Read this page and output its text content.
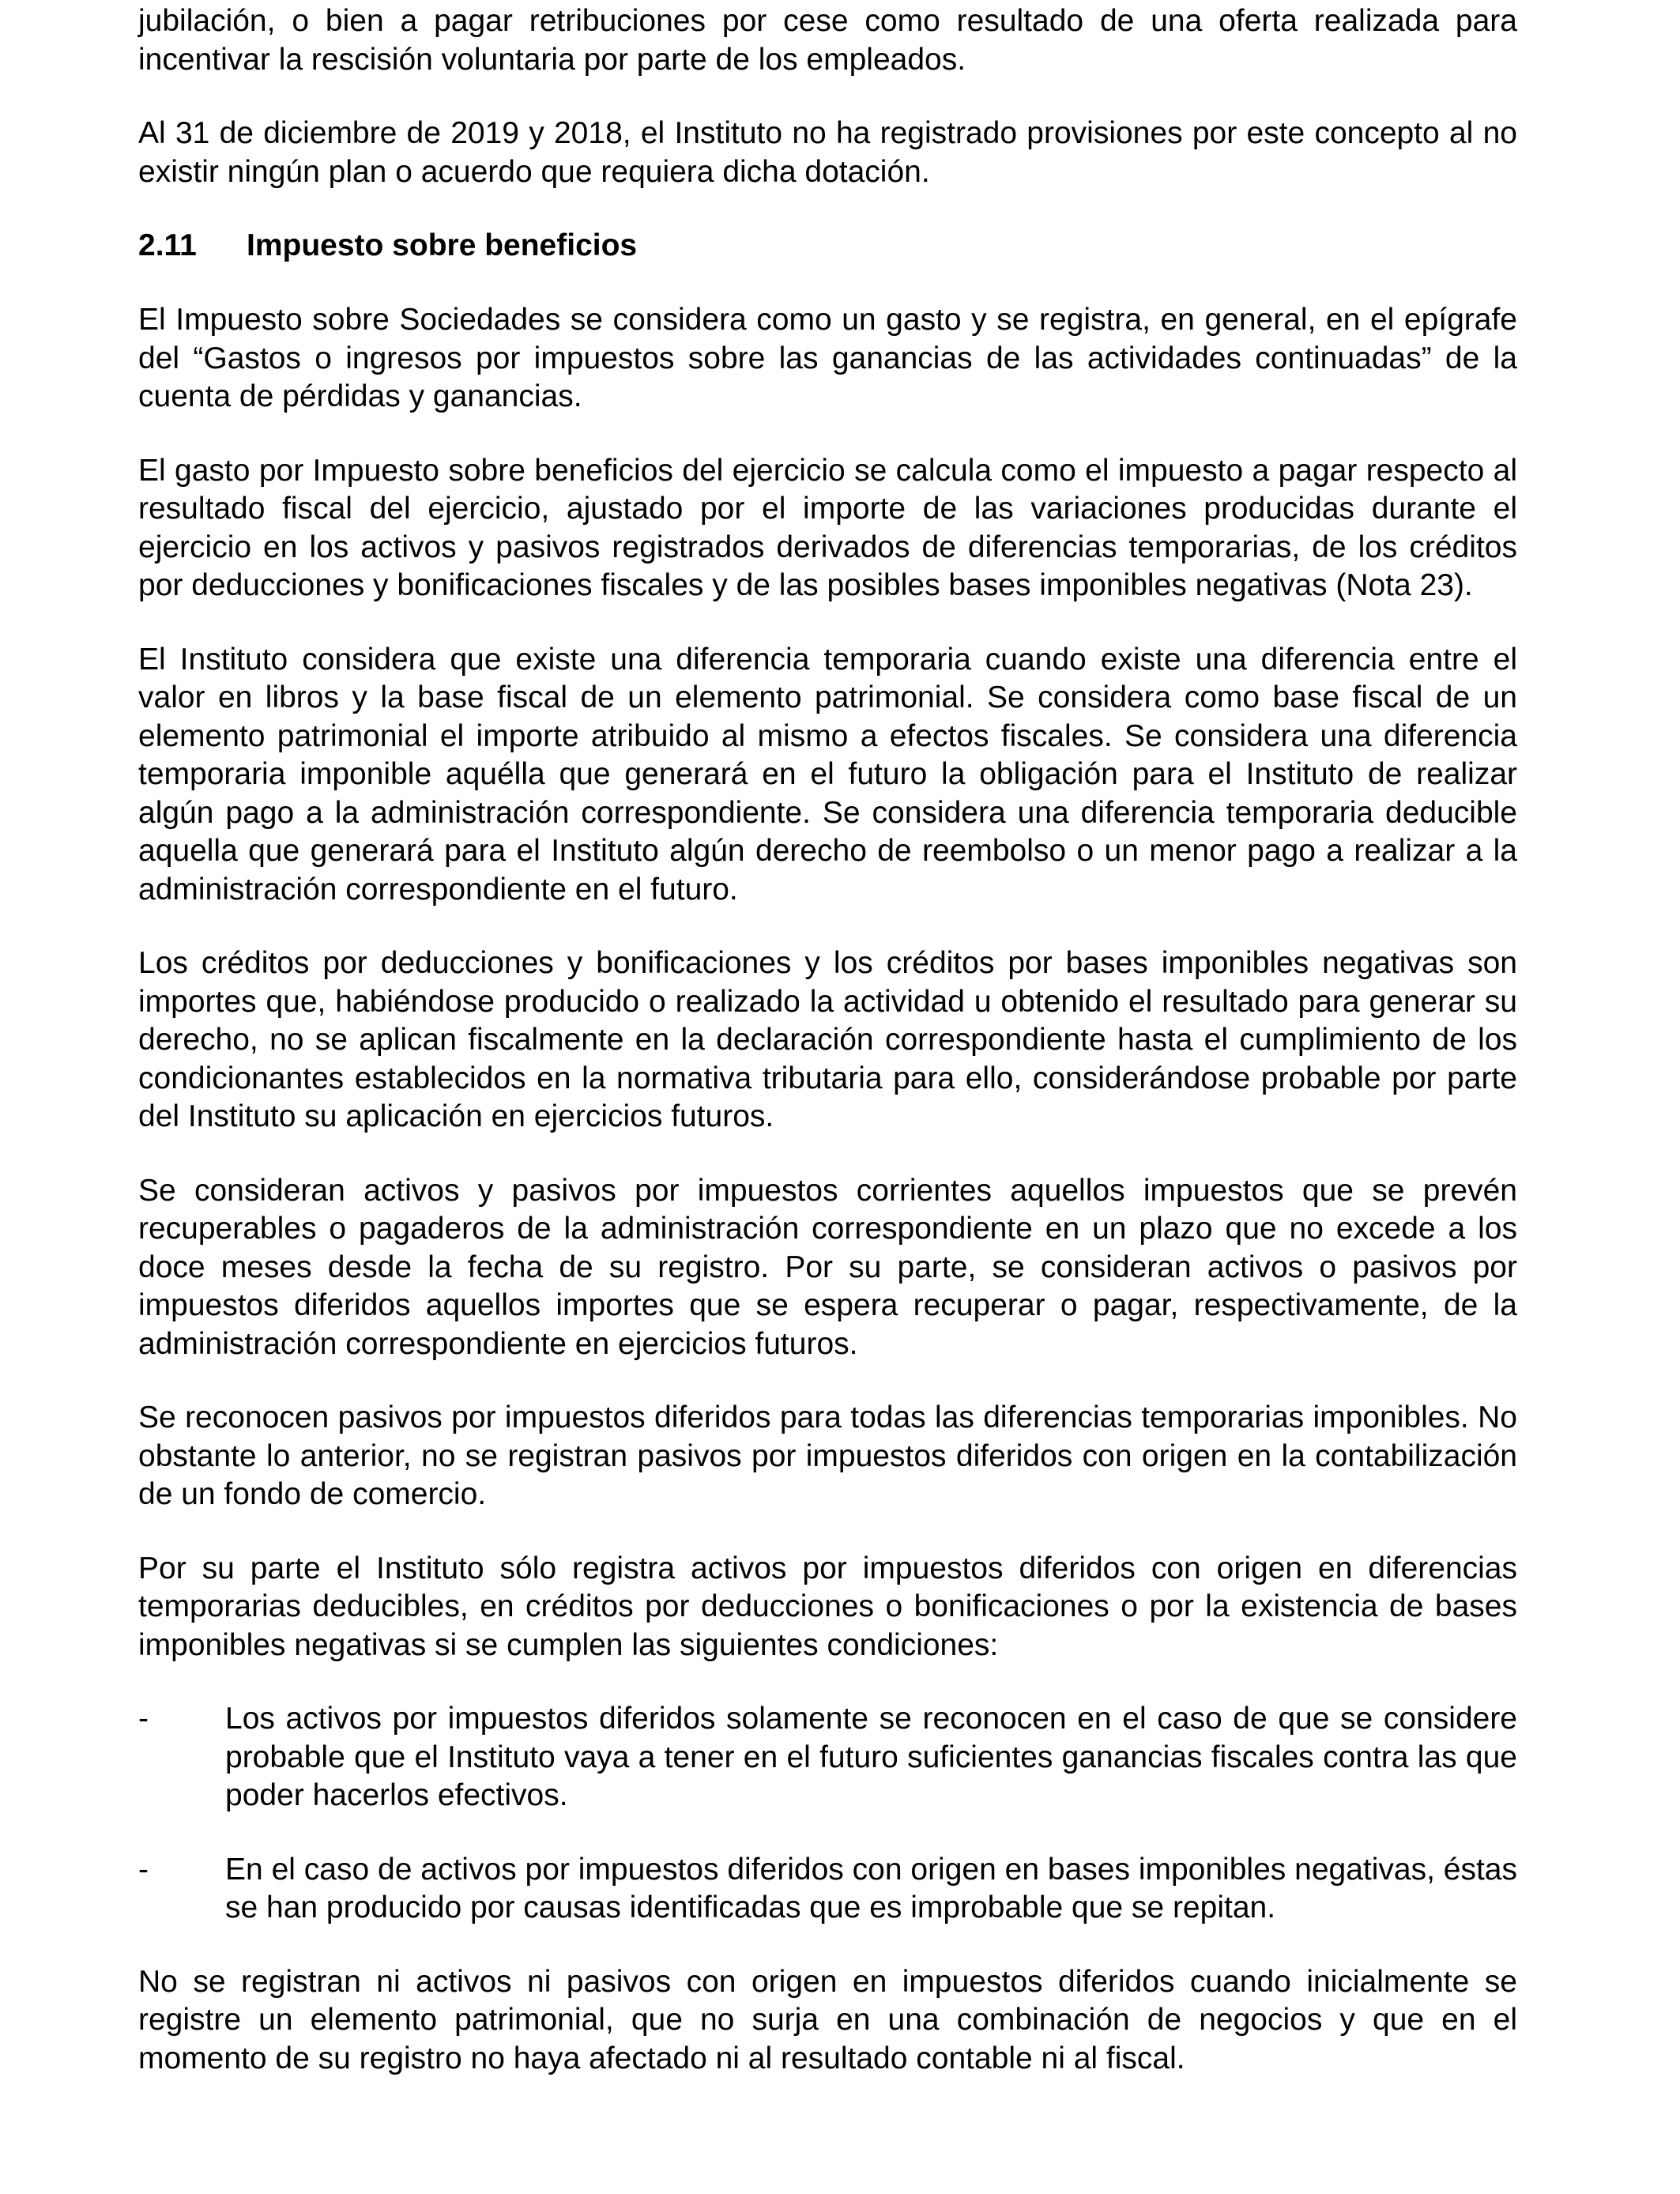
jubilación, o bien a pagar retribuciones por cese como resultado de una oferta realizada para incentivar la rescisión voluntaria por parte de los empleados.

Al 31 de diciembre de 2019 y 2018, el Instituto no ha registrado provisiones por este concepto al no existir ningún plan o acuerdo que requiera dicha dotación.

2.11	Impuesto sobre beneficios

El Impuesto sobre Sociedades se considera como un gasto y se registra, en general, en el epígrafe del “Gastos o ingresos por impuestos sobre las ganancias de las actividades continuadas” de la cuenta de pérdidas y ganancias.

El gasto por Impuesto sobre beneficios del ejercicio se calcula como el impuesto a pagar respecto al resultado fiscal del ejercicio, ajustado por el importe de las variaciones producidas durante el ejercicio en los activos y pasivos registrados derivados de diferencias temporarias, de los créditos por deducciones y bonificaciones fiscales y de las posibles bases imponibles negativas (Nota 23).

El Instituto considera que existe una diferencia temporaria cuando existe una diferencia entre el valor en libros y la base fiscal de un elemento patrimonial. Se considera como base fiscal de un elemento patrimonial el importe atribuido al mismo a efectos fiscales. Se considera una diferencia temporaria imponible aquélla que generará en el futuro la obligación para el Instituto de realizar algún pago a la administración correspondiente. Se considera una diferencia temporaria deducible aquella que generará para el Instituto algún derecho de reembolso o un menor pago a realizar a la administración correspondiente en el futuro.

Los créditos por deducciones y bonificaciones y los créditos por bases imponibles negativas son importes que, habiéndose producido o realizado la actividad u obtenido el resultado para generar su derecho, no se aplican fiscalmente en la declaración correspondiente hasta el cumplimiento de los condicionantes establecidos en la normativa tributaria para ello, considerándose probable por parte del Instituto su aplicación en ejercicios futuros.

Se consideran activos y pasivos por impuestos corrientes aquellos impuestos que se prevén recuperables o pagaderos de la administración correspondiente en un plazo que no excede a los doce meses desde la fecha de su registro. Por su parte, se consideran activos o pasivos por impuestos diferidos aquellos importes que se espera recuperar o pagar, respectivamente, de la administración correspondiente en ejercicios futuros.

Se reconocen pasivos por impuestos diferidos para todas las diferencias temporarias imponibles. No obstante lo anterior, no se registran pasivos por impuestos diferidos con origen en la contabilización de un fondo de comercio.

Por su parte el Instituto sólo registra activos por impuestos diferidos con origen en diferencias temporarias deducibles, en créditos por deducciones o bonificaciones o por la existencia de bases imponibles negativas si se cumplen las siguientes condiciones:

-	Los activos por impuestos diferidos solamente se reconocen en el caso de que se considere probable que el Instituto vaya a tener en el futuro suficientes ganancias fiscales contra las que poder hacerlos efectivos.
-	En el caso de activos por impuestos diferidos con origen en bases imponibles negativas, éstas se han producido por causas identificadas que es improbable que se repitan.

No se registran ni activos ni pasivos con origen en impuestos diferidos cuando inicialmente se registre un elemento patrimonial, que no surja en una combinación de negocios y que en el momento de su registro no haya afectado ni al resultado contable ni al fiscal.
